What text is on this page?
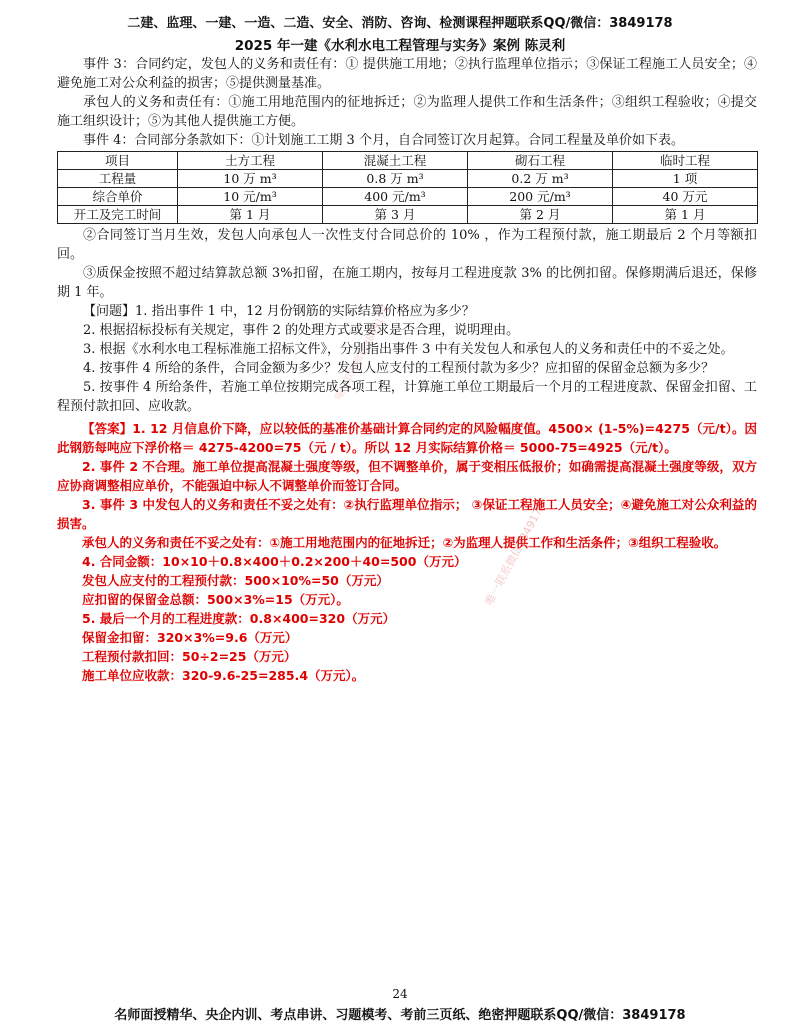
二建、监理、一建、一造、二造、安全、消防、咨询、检测课程押题联系QQ/微信：3849178
2025 年一建《水利水电工程管理与实务》案例 陈灵利

事件 3：合同约定，发包人的义务和责任有：① 提供施工用地；②执行监理单位指示；③保证工程施工人员安全；④避免施工对公众利益的损害；⑤提供测量基准。

承包人的义务和责任有：①施工用地范围内的征地拆迁；②为监理人提供工作和生活条件；③组织工程验收；④提交施工组织设计；⑤为其他人提供施工方便。

事件 4：合同部分条款如下：①计划施工工期 3 个月，自合同签订次月起算。合同工程量及单价如下表。

项目	土方工程	混凝土工程	砌石工程	临时工程
工程量	10 万 m³	0.8 万 m³	0.2 万 m³	1 项
综合单价	10 元/m³	400 元/m³	200 元/m³	40 万元
开工及完工时间	第 1 月	第 3 月	第 2 月	第 1 月

②合同签订当月生效，发包人向承包人一次性支付合同总价的 10% ，作为工程预付款，施工期最后 2 个月等额扣回。

③质保金按照不超过结算款总额 3%扣留，在施工期内，按每月工程进度款 3% 的比例扣留。保修期满后退还，保修期 1 年。

【问题】1. 指出事件 1 中，12 月份钢筋的实际结算价格应为多少？

2. 根据招标投标有关规定，事件 2 的处理方式或要求是否合理，说明理由。

3. 根据《水利水电工程标准施工招标文件》，分别指出事件 3 中有关发包人和承包人的义务和责任中的不妥之处。

4. 按事件 4 所给的条件，合同金额为多少？发包人应支付的工程预付款为多少？应扣留的保留金总额为多少？

5. 按事件 4 所给条件，若施工单位按期完成各项工程，计算施工单位工期最后一个月的工程进度款、保留金扣留、工程预付款扣回、应收款。

【答案】1. 12 月信息价下降，应以较低的基准价基础计算合同约定的风险幅度值。4500× (1-5%)=4275（元/t）。因此钢筋每吨应下浮价格＝ 4275-4200=75（元 / t）。所以 12 月实际结算价格＝ 5000-75=4925（元/t）。

2. 事件 2 不合理。施工单位提高混凝土强度等级，但不调整单价，属于变相压低报价；如确需提高混凝土强度等级，双方应协商调整相应单价，不能强迫中标人不调整单价而签订合同。

3. 事件 3 中发包人的义务和责任不妥之处有：②执行监理单位指示； ③保证工程施工人员安全；④避免施工对公众利益的损害。

承包人的义务和责任不妥之处有：①施工用地范围内的征地拆迁；②为监理人提供工作和生活条件；③组织工程验收。

4. 合同金额：10×10＋0.8×400＋0.2×200＋40=500（万元）

发包人应支付的工程预付款：500×10%=50（万元）

应扣留的保留金总额：500×3%=15（万元）。

5. 最后一个月的工程进度款：0.8×400=320（万元）

保留金扣留：320×3%=9.6（万元）

工程预付款扣回：50÷2=25（万元）

施工单位应收款：320-9.6-25=285.4（万元）。

唯一联系微信3849178
唯一联系微信3849178
24
名师面授精华、央企内训、考点串讲、习题模考、考前三页纸、绝密押题联系QQ/微信：3849178
